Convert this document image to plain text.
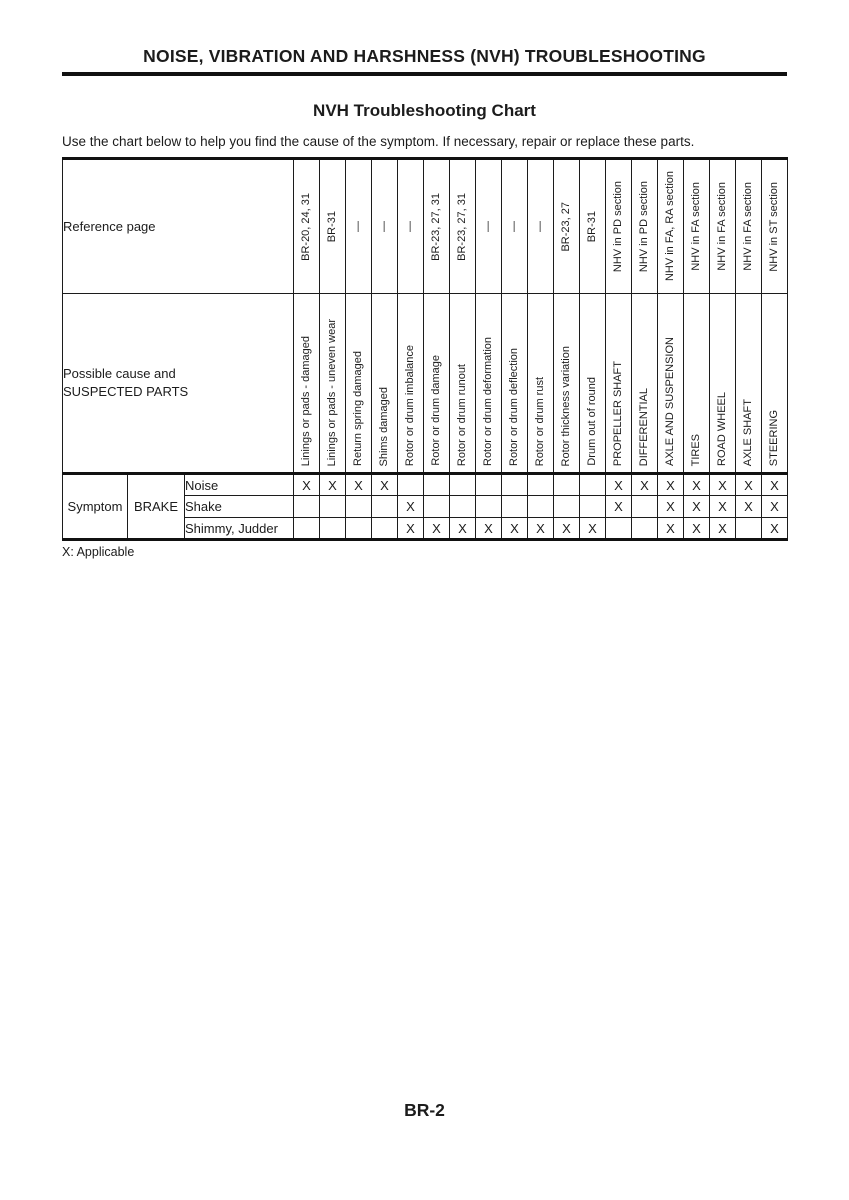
NOISE, VIBRATION AND HARSHNESS (NVH) TROUBLESHOOTING
NVH Troubleshooting Chart

Use the chart below to help you find the cause of the symptom. If necessary, repair or replace these parts.

Reference page			BR-20, 24, 31	BR-31	—	—	—	BR-23, 27, 31	BR-23, 27, 31	—	—	—	BR-23, 27	BR-31	NHV in PD section	NHV in PD section	NHV in FA, RA section	NHV in FA section	NHV in FA section	NHV in FA section	NHV in ST section

Possible cause and
SUSPECTED PARTS			Linings or pads - damaged	Linings or pads - uneven wear	Return spring damaged	Shims damaged	Rotor or drum imbalance	Rotor or drum damage	Rotor or drum runout	Rotor or drum deformation	Rotor or drum deflection	Rotor or drum rust	Rotor thickness variation	Drum out of round	PROPELLER SHAFT	DIFFERENTIAL	AXLE AND SUSPENSION	TIRES	ROAD WHEEL	AXLE SHAFT	STEERING

Symptom	BRAKE	Noise	X	X	X	X									X	X	X	X	X	X	X
		Shake					X								X		X	X	X	X	X
		Shimmy, Judder					X	X	X	X	X	X	X	X			X	X	X		X

X: Applicable

BR-2
